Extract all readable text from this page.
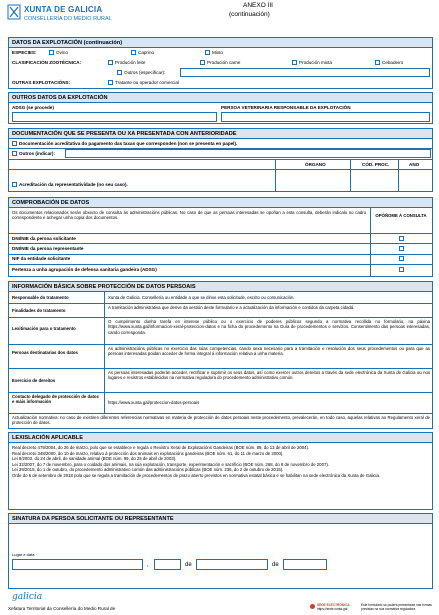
XUNTA DE GALICIA
CONSELLERÍA DO MEDIO RURAL
ANEXO III
(continuación)
DATOS DA EXPLOTACIÓN (continuación)
ESPECIES:	Ovino	Caprino	Mixto
CLASIFICACIÓN ZOOTÉCNICA:	Produción leite	Produción carne	Produción mixta	Cebadeiro
Outros (especificar):
OUTRAS EXPLOTACIÓNS:	Tratante ou operador comercial
OUTROS DATOS DA EXPLOTACIÓN
ADSG (se procede)	PERSOA VETERINARIA RESPONSABLE DA EXPLOTACIÓN
DOCUMENTACIÓN QUE SE PRESENTA OU XA PRESENTADA CON ANTERIORIDADE
Documentación acreditativa do pagamento das taxas que corresponden (non se presenta en papel).
Outros (indicar):
ÓRGANO	CÓD. PROC.	ANO
Acreditación da representatividade (no seu caso).
COMPROBACIÓN DE DATOS
Os documentos relacionados serán obxecto de consulta ás administracións públicas. No caso de que as persoas interesadas se opoñan a esta consulta, deberán indicalo no cadro correspondente e achegar unha copia dos documentos.	OPÓÑOME Á CONSULTA
DNI/NIE da persoa solicitante
DNI/NIE da persoa representante
NIF da entidade solicitante
Pertenza a unha agrupación de defensa sanitaria gandeira (ADSG)
INFORMACIÓN BÁSICA SOBRE PROTECCIÓN DE DATOS PERSOAIS
Responsable do tratamento	Xunta de Galicia. Consellería ou entidade a que se dirixe esta solicitude, escrito ou comunicación.
Finalidades do tratamento
A tramitación administrativa que derive da xestión deste formulario e a actualización da información e contidos da carpeta cidadá.
Lexitimación para o tratamento
O cumprimento dunha tarefa en interese público ou o exercicio de poderes públicos segundo a normativa recollida no formulario, na páxina https://www.xunta.gal/informacion-xeral-proteccion-datos e na ficha do procedemento na Guía de procedementos e servizos. Consentimento das persoas interesadas, cando corresponda.
Persoas destinatarias dos datos
As administracións públicas no exercicio das súas competencias, cando sexa necesario para a tramitación e resolución dos seus procedementos ou para que as persoas interesadas poidan acceder de forma integral á información relativa a unha materia.
Exercicio de dereitos
As persoas interesadas poderán acceder, rectificar e suprimir os seus datos, así como exercer outros dereitos a través da sede electrónica da Xunta de Galicia ou nos lugares e rexistros establecidos na normativa reguladora do procedemento administrativo común.
Contacto delegado de protección de datos e máis información	https://www.xunta.gal/proteccion-datos-persoais
Actualización normativa: no caso de existiren diferentes referencias normativas en materia de protección de datos persoais neste procedemento, prevalecerán, en todo caso, aquelas relativas ao Regulamento xeral de protección de datos.
LEXISLACIÓN APLICABLE
Real decreto 479/2004, do 26 de marzo, polo que se establece e regula o Rexistro Xeral de Explotacións Gandeiras (BOE núm. 89, do 13 de abril de 2004).
Real decreto 348/2000, do 10 de marzo, relativo á protección dos animais en explotacións gandeiras (BOE núm. 61, do 11 de marzo de 2000).
Lei 8/2003, do 24 de abril, de sanidade animal (BOE núm. 99, do 25 de abril de 2003).
Lei 32/2007, do 7 de novembro, para o coidado dos animais, na súa explotación, transporte, experimentación e sacrificio (BOE núm. 268, do 8 de novembro de 2007).
Lei 39/2015, do 1 de outubro, do procedemento administrativo común das administracións públicas (BOE núm. 236, do 2 de outubro de 2015).
Orde do 6 de setembro de 2018 pola que se regula a tramitación de procedementos de prazo aberto previstos en normativa estatal básica e se habilitan na sede electrónica da Xunta de Galicia.
SINATURA DA PERSOA SOLICITANTE OU REPRESENTANTE
Lugar e data
,	de	de
galicia
Xefatura Territorial da Consellería do Medio Rural de
SEDE ELECTRÓNICA
https://sede.xunta.gal
Este formulario só poderá presentarse nas formas previstas na súa normativa reguladora
